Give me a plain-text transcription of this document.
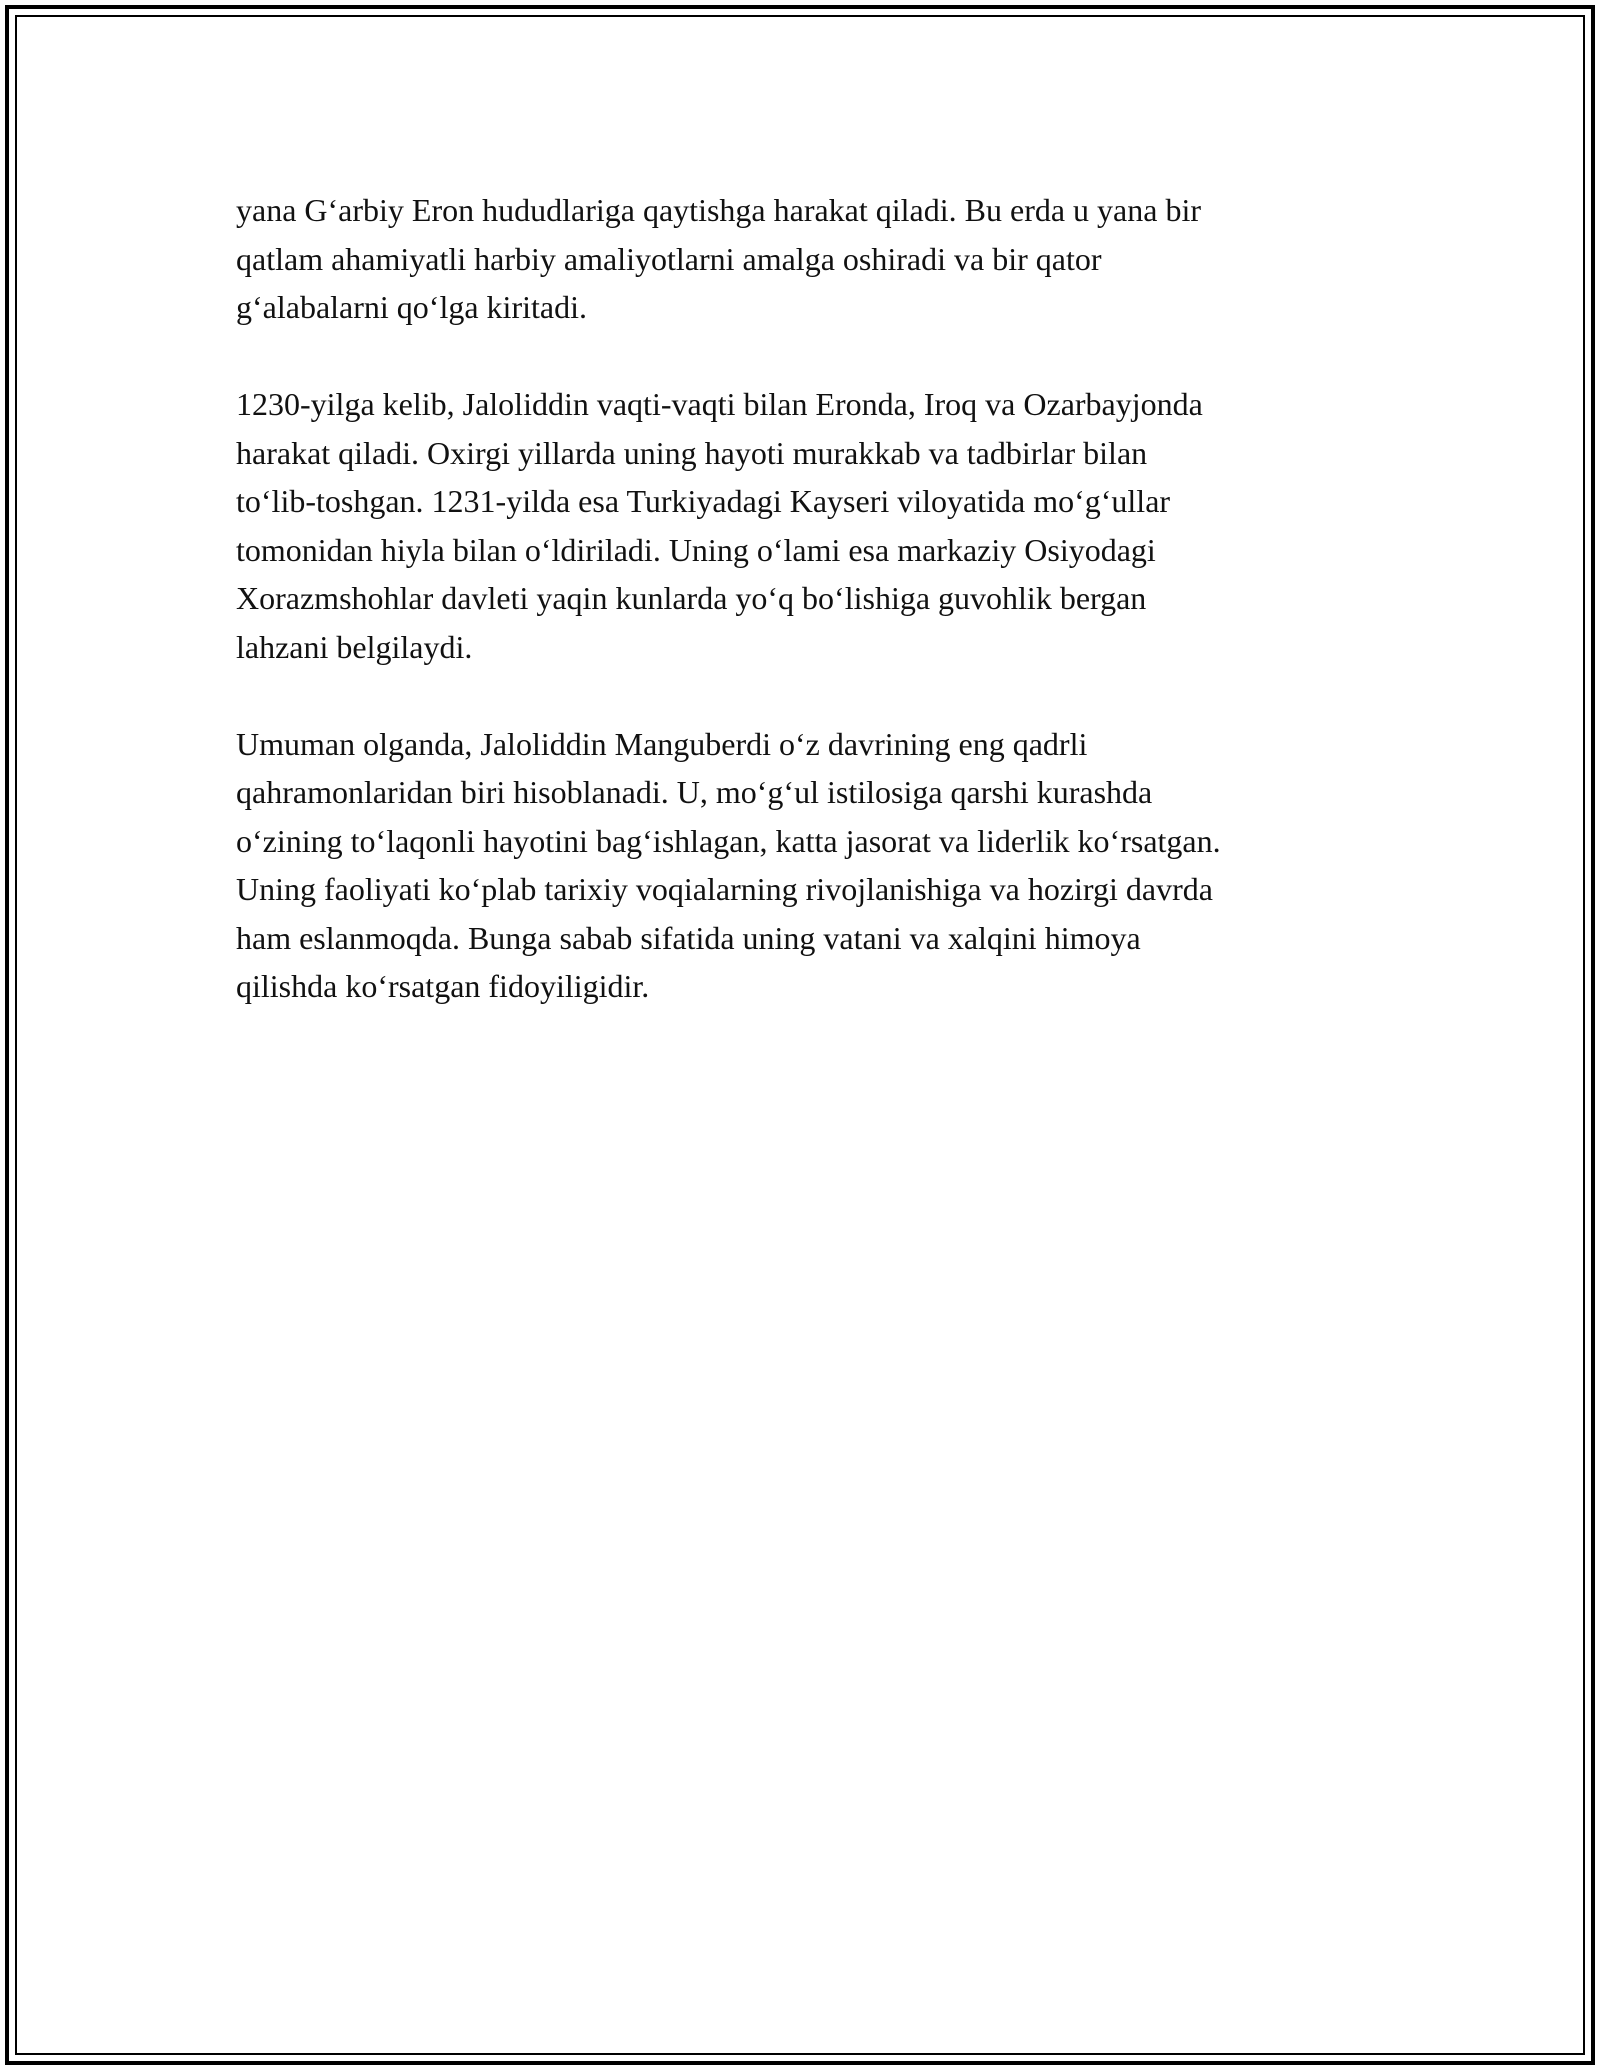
yana G‘arbiy Eron hududlariga qaytishga harakat qiladi. Bu erda u yana bir
qatlam ahamiyatli harbiy amaliyotlarni amalga oshiradi va bir qator
g‘alabalarni qo‘lga kiritadi.

1230-yilga kelib, Jaloliddin vaqti-vaqti bilan Eronda, Iroq va Ozarbayjonda
harakat qiladi. Oxirgi yillarda uning hayoti murakkab va tadbirlar bilan
to‘lib-toshgan. 1231-yilda esa Turkiyadagi Kayseri viloyatida mo‘g‘ullar
tomonidan hiyla bilan o‘ldiriladi. Uning o‘lami esa markaziy Osiyodagi
Xorazmshohlar davleti yaqin kunlarda yo‘q bo‘lishiga guvohlik bergan
lahzani belgilaydi.

Umuman olganda, Jaloliddin Manguberdi o‘z davrining eng qadrli
qahramonlaridan biri hisoblanadi. U, mo‘g‘ul istilosiga qarshi kurashda
o‘zining to‘laqonli hayotini bag‘ishlagan, katta jasorat va liderlik ko‘rsatgan.
Uning faoliyati ko‘plab tarixiy voqialarning rivojlanishiga va hozirgi davrda
ham eslanmoqda. Bunga sabab sifatida uning vatani va xalqini himoya
qilishda ko‘rsatgan fidoyiligidir.
